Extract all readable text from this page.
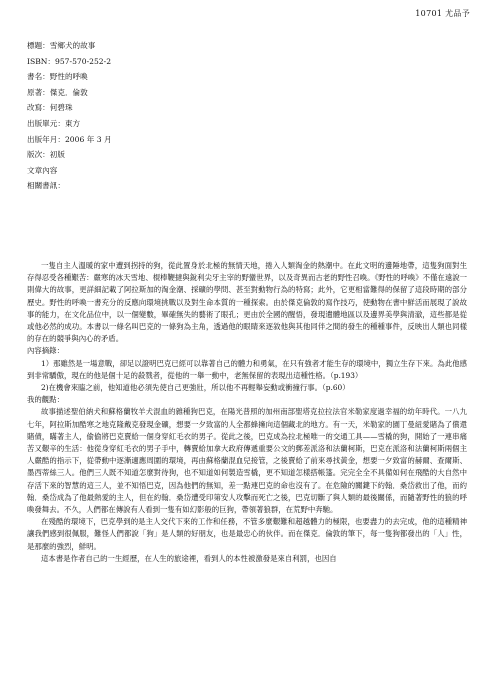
10701 尤品予
標題：雪鄉犬的故事
ISBN：957-570-252-2
書名：野性的呼喚
原著：傑克．倫敦
改寫：何碧珠
出版單元：東方
出版年月：2006 年 3 月
版次：初版
文章內容
相關書訊：

一隻自主人溫暖的家中遭到拐持的狗，從此置身於北極的無情天地，捲入人類淘金的熱潮中。在此文明的邊陲地帶，這隻狗面對生存得忍受各種艱苦：嚴寒的冰天雪地、棍棒鞭撻與銳利尖牙主宰的野蠻世界，以及奇異而古老的野性召喚。《野性的呼喚》不僅在遠說一則偉大的故事，更詳細記載了阿拉斯加的淘金潮、採礦的學問、甚至對動物行為的特寫；此外，它更相當難得的保留了這段時期的部分歷史。野性的呼喚一書充分的反應向環境挑戰以及對生命本質的一種探索。由於傑克倫敦的寫作技巧，使動物在書中鮮活而展現了說故事的能力，在文化品位中，以一個變數，畢確無失的藝術了眼孔；更由於全國的醒悟，發現遺體地區以及邊界美學與清澈，這些都是從或他必然的成功。本書以一條名叫巴克的一條狗為主角，透過他的眼睛來逐敘他與其他同伴之間的發生的種種事件，反映出人類也同樣的存在的競爭與內心的矛盾。

內容摘錄：

1）那雖然是一場意戰，卻足以證明巴克已經可以靠著自己的體力和勇氣，在只有強者才能生存的環境中，獨立生存下來。為此他感到非常驕傲，現在的他是個十足的殺戮者，從他的一舉一動中，老無保留的表現出這種性格。（p.193）

2)在機會來臨之前，他知道他必須先使自己更強壯，所以他不再輕舉妄動或衝撞行事。（p.60）

我的觀點：

故事描述聖伯納犬和蘇格蘭牧羊犬混血的雜種狗巴克，在陽光普照的加州南部聖塔克拉拉法官米勒家度過幸福的幼年時代。一八九七年，阿拉斯加酷寒之地克隆戴克發現金礦，想要一夕致富的人全都蜂擁向這個藏北的地方。有一天，米勒家的園丁曼紐愛賭為了償還賭債，瞞著主人，偷偷將巴克賣給一個身穿紅毛衣的男子。從此之後，巴克成為拉北極唯一的交通工具——雪橇的狗，開始了一連串痛苦又艱辛的生活：他從身穿紅毛衣的男子手中，轉賣給加拿大政府傳遞重要公文的郵差派洛和法蘭柯斯，巴克在派洛和法蘭柯斯兩個主人嚴酷的指示下，從帶動中逐漸適應周圍的環境，再由蘇格蘭混血兒接管，之後賣給了前來尋找黃金，想要一夕致富的赫爾、查爾斯、墨西蒂絲三人。他們三人既不知道怎麼對待狗，也不知道如何製造雪橇，更不知道怎樣搭帳篷。完完全全不具備如何在飛酷的大自然中存活下來的智慧的這三人，並不知悟巴克，因為他們的無知，差一點連巴克的命也沒有了。在危險的關鍵下約翰．桑岱救出了他，而約翰．桑岱成為了他最熱愛的主人，但在約翰．桑岱遭受印第安人攻擊而死亡之後，巴克切斷了與人類的最後關係，而隨著野性的狼的呼喚發舞去。不久，人們都在傳說有人看到一隻有如幻影般的巨狗，帶領著狼群，在荒野中奔馳。

在殘酷的環境下，巴克學到的是主人交代下來的工作和任務，不管多麼艱難和超越體力的極限，也要盡力的去完成，他的這種精神讓我們感到很佩服，難怪人們都說「狗」是人類的好朋友，也是最忠心的伙伴。而在傑克．倫敦的筆下，每一隻狗都發出的「人」性，是那麼的強烈，鮮明。

這本書是作者自己的一生經歷，在人生的旅途裡，看到人的本性被激發是來自利罰，也因自
